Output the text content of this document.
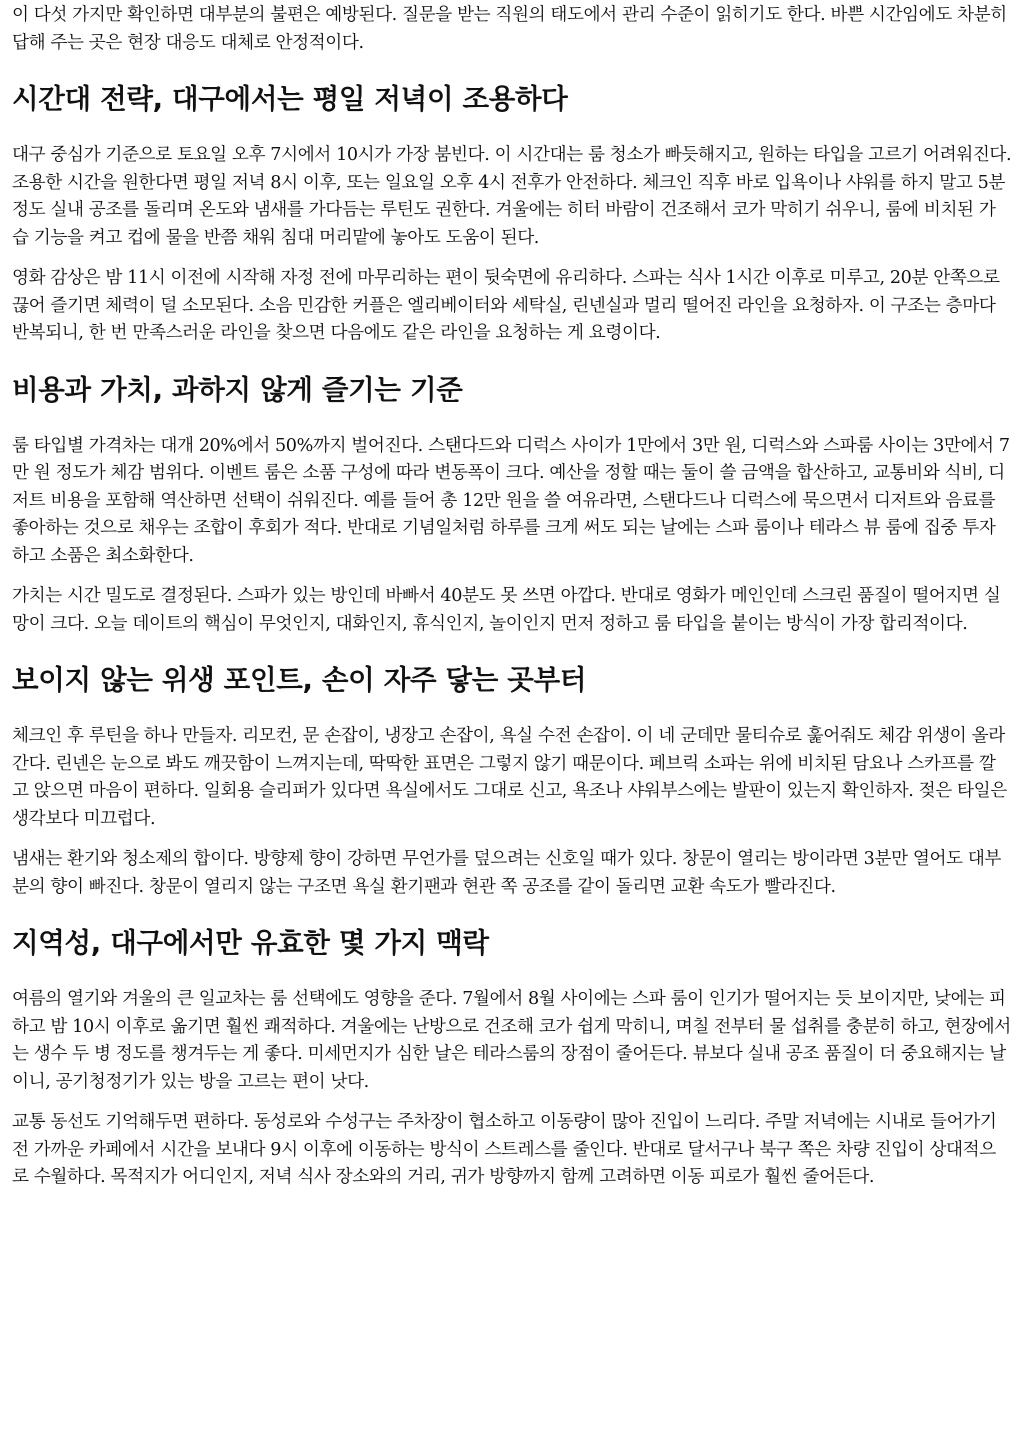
이 다섯 가지만 확인하면 대부분의 불편은 예방된다. 질문을 받는 직원의 태도에서 관리 수준이 읽히기도 한다. 바쁜 시간임에도 차분히 답해 주는 곳은 현장 대응도 대체로 안정적이다.

시간대 전략, 대구에서는 평일 저녁이 조용하다

대구 중심가 기준으로 토요일 오후 7시에서 10시가 가장 붐빈다. 이 시간대는 룸 청소가 빠듯해지고, 원하는 타입을 고르기 어려워진다. 조용한 시간을 원한다면 평일 저녁 8시 이후, 또는 일요일 오후 4시 전후가 안전하다. 체크인 직후 바로 입욕이나 샤워를 하지 말고 5분 정도 실내 공조를 돌리며 온도와 냄새를 가다듬는 루틴도 권한다. 겨울에는 히터 바람이 건조해서 코가 막히기 쉬우니, 룸에 비치된 가습 기능을 켜고 컵에 물을 반쯤 채워 침대 머리맡에 놓아도 도움이 된다.

영화 감상은 밤 11시 이전에 시작해 자정 전에 마무리하는 편이 뒷숙면에 유리하다. 스파는 식사 1시간 이후로 미루고, 20분 안쪽으로 끊어 즐기면 체력이 덜 소모된다. 소음 민감한 커플은 엘리베이터와 세탁실, 린넨실과 멀리 떨어진 라인을 요청하자. 이 구조는 층마다 반복되니, 한 번 만족스러운 라인을 찾으면 다음에도 같은 라인을 요청하는 게 요령이다.

비용과 가치, 과하지 않게 즐기는 기준

룸 타입별 가격차는 대개 20%에서 50%까지 벌어진다. 스탠다드와 디럭스 사이가 1만에서 3만 원, 디럭스와 스파룸 사이는 3만에서 7만 원 정도가 체감 범위다. 이벤트 룸은 소품 구성에 따라 변동폭이 크다. 예산을 정할 때는 둘이 쓸 금액을 합산하고, 교통비와 식비, 디저트 비용을 포함해 역산하면 선택이 쉬워진다. 예를 들어 총 12만 원을 쓸 여유라면, 스탠다드나 디럭스에 묵으면서 디저트와 음료를 좋아하는 것으로 채우는 조합이 후회가 적다. 반대로 기념일처럼 하루를 크게 써도 되는 날에는 스파 룸이나 테라스 뷰 룸에 집중 투자하고 소품은 최소화한다.

가치는 시간 밀도로 결정된다. 스파가 있는 방인데 바빠서 40분도 못 쓰면 아깝다. 반대로 영화가 메인인데 스크린 품질이 떨어지면 실망이 크다. 오늘 데이트의 핵심이 무엇인지, 대화인지, 휴식인지, 놀이인지 먼저 정하고 룸 타입을 붙이는 방식이 가장 합리적이다.

보이지 않는 위생 포인트, 손이 자주 닿는 곳부터

체크인 후 루틴을 하나 만들자. 리모컨, 문 손잡이, 냉장고 손잡이, 욕실 수전 손잡이. 이 네 군데만 물티슈로 훑어줘도 체감 위생이 올라간다. 린넨은 눈으로 봐도 깨끗함이 느껴지는데, 딱딱한 표면은 그렇지 않기 때문이다. 페브릭 소파는 위에 비치된 담요나 스카프를 깔고 앉으면 마음이 편하다. 일회용 슬리퍼가 있다면 욕실에서도 그대로 신고, 욕조나 샤워부스에는 발판이 있는지 확인하자. 젖은 타일은 생각보다 미끄럽다.

냄새는 환기와 청소제의 합이다. 방향제 향이 강하면 무언가를 덮으려는 신호일 때가 있다. 창문이 열리는 방이라면 3분만 열어도 대부분의 향이 빠진다. 창문이 열리지 않는 구조면 욕실 환기팬과 현관 쪽 공조를 같이 돌리면 교환 속도가 빨라진다.

지역성, 대구에서만 유효한 몇 가지 맥락

여름의 열기와 겨울의 큰 일교차는 룸 선택에도 영향을 준다. 7월에서 8월 사이에는 스파 룸이 인기가 떨어지는 듯 보이지만, 낮에는 피하고 밤 10시 이후로 옮기면 훨씬 쾌적하다. 겨울에는 난방으로 건조해 코가 쉽게 막히니, 며칠 전부터 물 섭취를 충분히 하고, 현장에서는 생수 두 병 정도를 챙겨두는 게 좋다. 미세먼지가 심한 날은 테라스룸의 장점이 줄어든다. 뷰보다 실내 공조 품질이 더 중요해지는 날이니, 공기청정기가 있는 방을 고르는 편이 낫다.

교통 동선도 기억해두면 편하다. 동성로와 수성구는 주차장이 협소하고 이동량이 많아 진입이 느리다. 주말 저녁에는 시내로 들어가기 전 가까운 카페에서 시간을 보내다 9시 이후에 이동하는 방식이 스트레스를 줄인다. 반대로 달서구나 북구 쪽은 차량 진입이 상대적으로 수월하다. 목적지가 어디인지, 저녁 식사 장소와의 거리, 귀가 방향까지 함께 고려하면 이동 피로가 훨씬 줄어든다.
